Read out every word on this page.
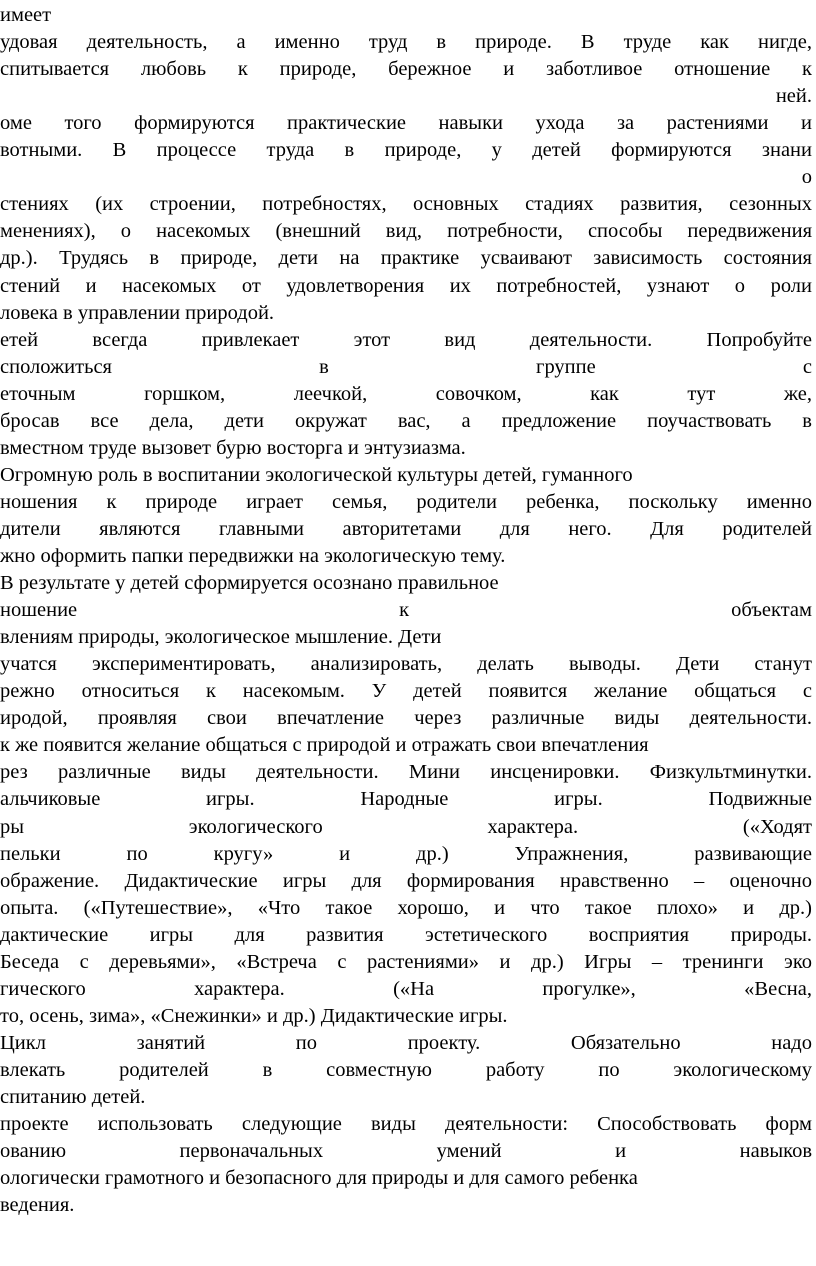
имеет
удовая деятельность, а именно труд в природе. В труде как нигде,
спитывается любовь к природе, бережное и заботливое отношение к
ней.
оме того формируются практические навыки ухода за растениями и
вотными. В процессе труда в природе, у детей формируются знани
о
стениях (их строении, потребностях, основных стадиях развития, сезонных
менениях), о насекомых (внешний вид, потребности, способы передвижения
др.). Трудясь в природе, дети на практике усваивают зависимость состояния
стений и насекомых от удовлетворения их потребностей, узнают о роли
ловека в управлении природой.
етей всегда привлекает этот вид деятельности. Попробуйте
сположиться в группе с
еточным горшком, леечкой, совочком, как тут же,
бросав все дела, дети окружат вас, а предложение поучаствовать в
вместном труде вызовет бурю восторга и энтузиазма.
Огромную роль в воспитании экологической культуры детей, гуманного
ношения к природе играет семья, родители ребенка, поскольку именно
дители являются главными авторитетами для него. Для родителей
жно оформить папки передвижки на экологическую тему.
В результате у детей сформируется осознано правильное
ношение к объектам
влениям природы, экологическое мышление. Дети
учатся экспериментировать, анализировать, делать выводы. Дети станут
режно относиться к насекомым. У детей появится желание общаться с
иродой, проявляя свои впечатление через различные виды деятельности.
к же появится желание общаться с природой и отражать свои впечатления
рез различные виды деятельности. Мини инсценировки. Физкультминутки.
альчиковые игры. Народные игры. Подвижные
ры экологического характера. («Ходят
пельки по кругу» и др.) Упражнения, развивающие
ображение. Дидактические игры для формирования нравственно – оценочно
опыта. («Путешествие», «Что такое хорошо, и что такое плохо» и др.)
дактические игры для развития эстетического восприятия природы.
Беседа с деревьями», «Встреча с растениями» и др.) Игры – тренинги эко
гического характера. («На прогулке», «Весна,
то, осень, зима», «Снежинки» и др.) Дидактические игры.
Цикл занятий по проекту. Обязательно надо
влекать родителей в совместную работу по экологическому
спитанию детей.
проекте использовать следующие виды деятельности: Способствовать форм
ованию первоначальных умений и навыков
ологически грамотного и безопасного для природы и для самого ребенка
ведения.
